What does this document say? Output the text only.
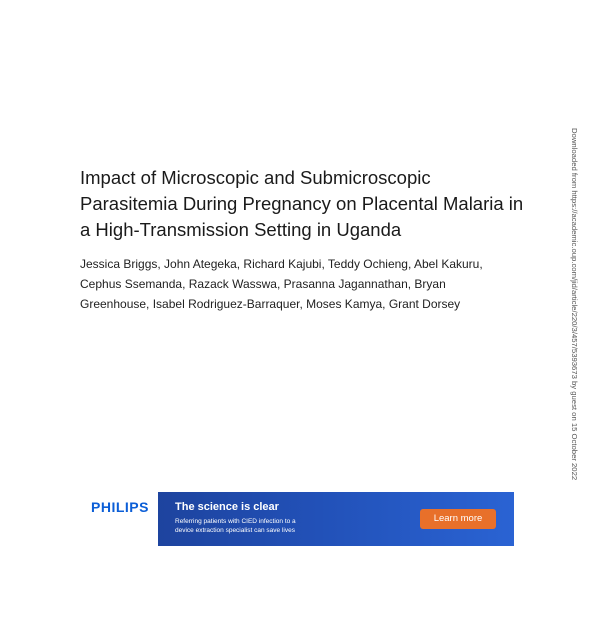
Impact of Microscopic and Submicroscopic
Parasitemia During Pregnancy on Placental Malaria in
a High-Transmission Setting in Uganda
Jessica Briggs, John Ategeka, Richard Kajubi, Teddy Ochieng, Abel Kakuru,
Cephus Ssemanda, Razack Wasswa, Prasanna Jagannathan, Bryan
Greenhouse, Isabel Rodriguez-Barraquer, Moses Kamya, Grant Dorsey	Downloaded from https://academic.oup.com/jid/article/220/3/457/5393673 by guest on 15 October 2022
PHILIPS The science is clear
Referring patients with CIED infection to a
device extraction specialist can save lives
Learn more
